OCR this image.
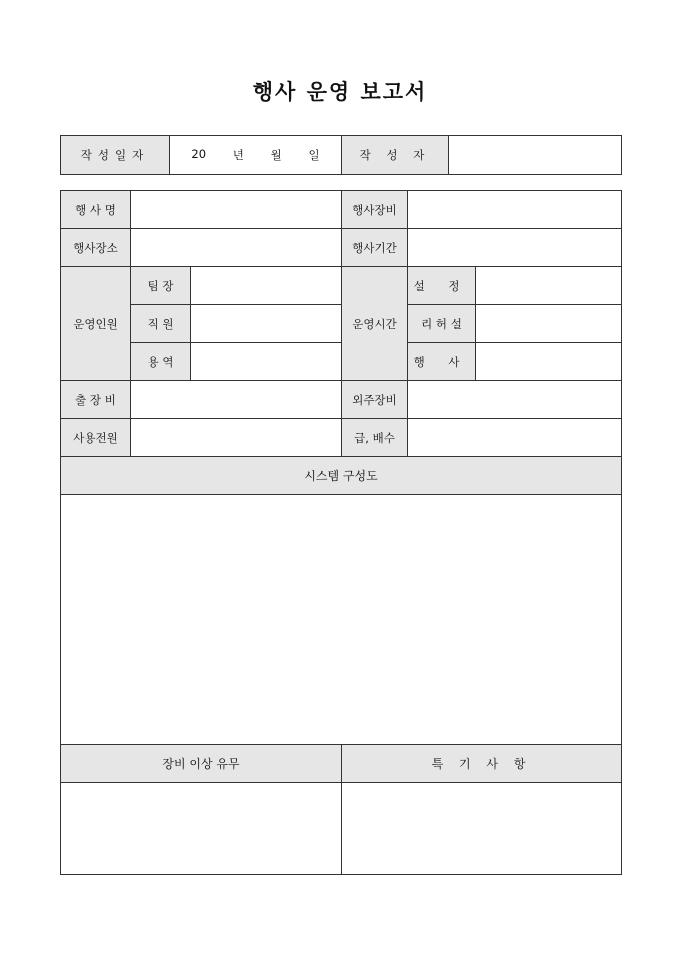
행사 운영 보고서
작성일자	20 년 월 일	작 성 자	
행 사 명			행사장비		
행사장소			행사기간		
운영인원	팀 장		운영시간	설 정	
	직 원			리 허 설	
	용 역			행 사	
출 장 비			외주장비		
사용전원			급, 배수		
시스템 구성도					

장비 이상 유무			특 기 사 항		
